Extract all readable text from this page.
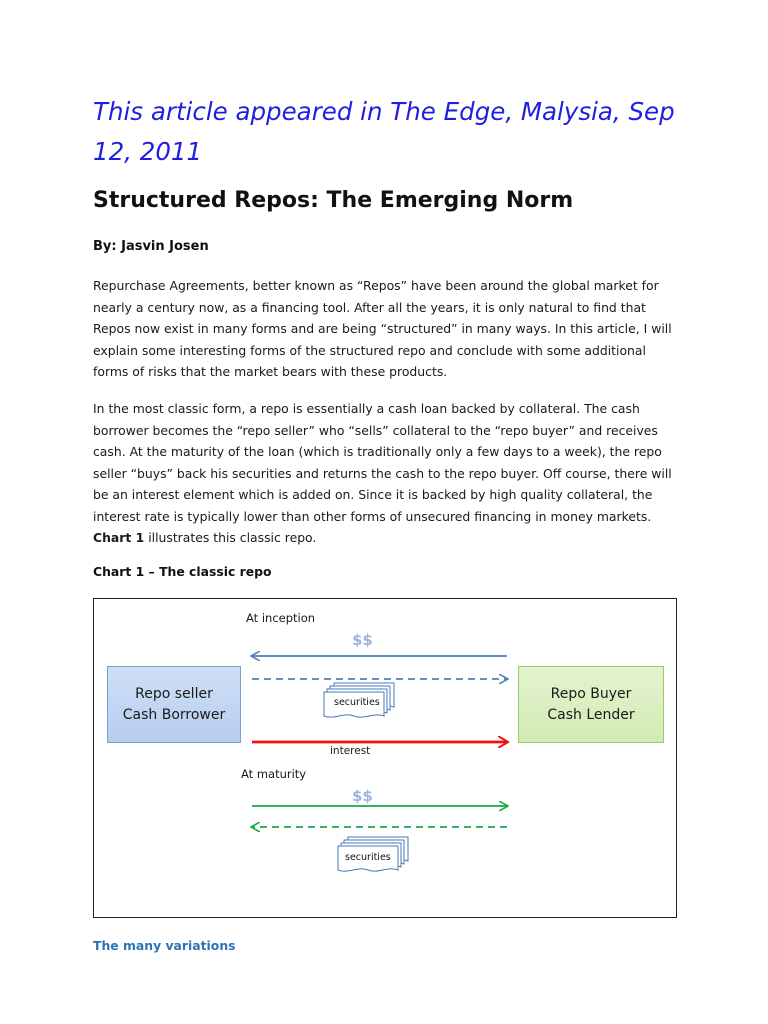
This article appeared in The Edge, Malysia, Sep 12, 2011
Structured Repos: The Emerging Norm

By: Jasvin Josen

Repurchase Agreements, better known as “Repos” have been around the global market for nearly a century now, as a financing tool. After all the years, it is only natural to find that Repos now exist in many forms and are being “structured” in many ways. In this article, I will explain some interesting forms of the structured repo and conclude with some additional forms of risks that the market bears with these products.

In the most classic form, a repo is essentially a cash loan backed by collateral. The cash borrower becomes the “repo seller” who “sells” collateral to the “repo buyer” and receives cash. At the maturity of the loan (which is traditionally only a few days to a week), the repo seller “buys” back his securities and returns the cash to the repo buyer. Off course, there will be an interest element which is added on. Since it is backed by high quality collateral, the interest rate is typically lower than other forms of unsecured financing in money markets. Chart 1 illustrates this classic repo.

Chart 1 – The classic repo

Repo seller
Cash Borrower
Repo Buyer
Cash Lender
At inception
$$
securities
interest
At maturity
$$
securities

The many variations
